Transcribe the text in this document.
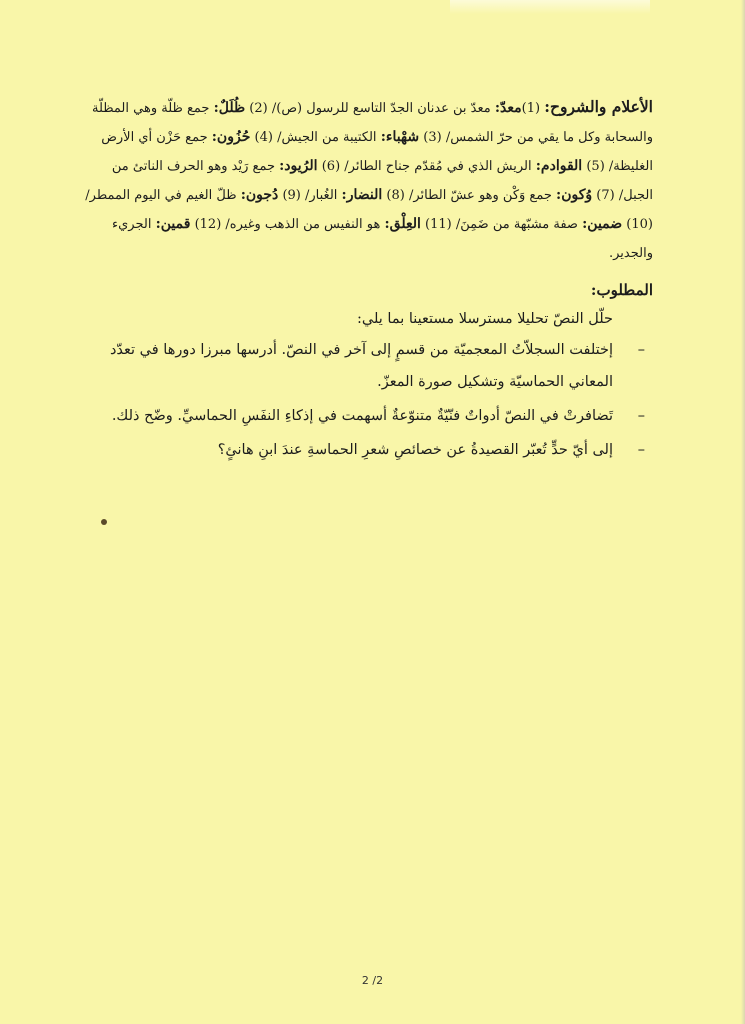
الأعلام والشروح: (1)معدّ: معدّ بن عدنان الجدّ التاسع للرسول (ص)/ (2) ظُلَلٌ: جمع ظلّة وهي المظلّة والسحابة وكل ما يقي من حرّ الشمس/ (3) شهْباء: الكتيبة من الجيش/ (4) حُزُون: جمع حَزْن أي الأرض الغليظة/ (5) القوادم: الريش الذي في مُقدّم جناح الطائر/ (6) الرُيود: جمع رَيْد وهو الحرف الناتئ من الجبل/ (7) وُكون: جمع وَكْن وهو عشّ الطائر/ (8) النضار: الغُبار/ (9) دُجون: ظلّ الغيم في اليوم الممطر/ (10) ضمين: صفة مشبّهة من ضَمِنَ/ (11) العِلْق: هو النفيس من الذهب وغيره/ (12) قمين: الجريء والجدير.

المطلوب:
حلّل النصّ تحليلا مسترسلا مستعينا بما يلي:
–
إختلفت السجلاّتُ المعجميّة من قسمٍ إلى آخر في النصّ. أدرسها مبرزا دورها في تعدّد المعاني الحماسيّة وتشكيل صورة المعزّ.
–
تَضافرتْ في النصّ أدواتٌ فنّيّةٌ متنوّعةٌ أسهمت في إذكاءِ النفَسِ الحماسيِّ. وضّح ذلك.
–
إلى أيّ حدٍّ تُعبّر القصيدةُ عن خصائصِ شعرِ الحماسةِ عندَ ابنِ هانئٍ؟
2 /2
